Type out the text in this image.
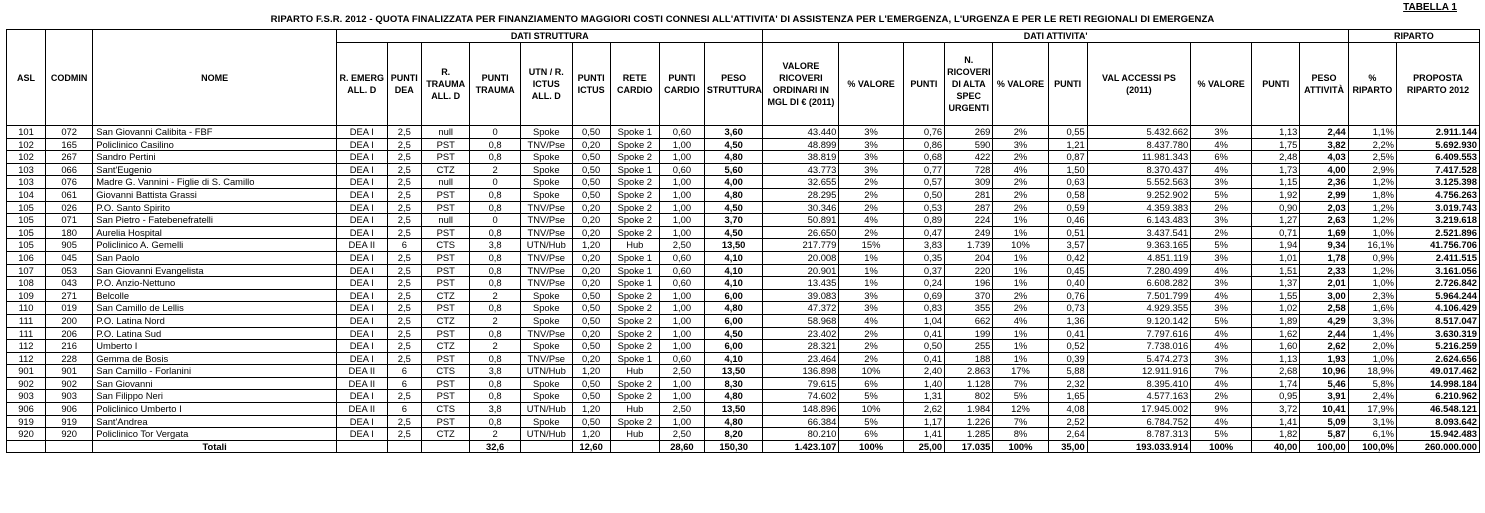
TABELLA 1
RIPARTO F.S.R. 2012 - QUOTA FINALIZZATA PER FINANZIAMENTO MAGGIORI COSTI CONNESI ALL'ATTIVITA' DI ASSISTENZA PER L'EMERGENZA, L'URGENZA E PER LE RETI REGIONALI DI EMERGENZA
ASL	CODMIN	NOME	DATI STRUTTURA									DATI ATTIVITA'										RIPARTO	
			R. EMERG ALL. D	PUNTI DEA	R. TRAUMA ALL. D	PUNTI TRAUMA	UTN / R. ICTUS ALL. D	PUNTI ICTUS	RETE CARDIO	PUNTI CARDIO	PESO STRUTTURA	VALORE RICOVERI ORDINARI IN MGL DI € (2011)	% VALORE	PUNTI	N. RICOVERI DI ALTA SPEC URGENTI	% VALORE	PUNTI	VAL ACCESSI PS (2011)	% VALORE	PUNTI	PESO ATTIVITÀ	% RIPARTO	PROPOSTA RIPARTO 2012
101	072	San Giovanni Calibita - FBF	DEA I	2,5	null	0	Spoke	0,50	Spoke 1	0,60	3,60	43.440	3%	0,76	269	2%	0,55	5.432.662	3%	1,13	2,44	1,1%	2.911.144
102	165	Policlinico Casilino	DEA I	2,5	PST	0,8	TNV/Pse	0,20	Spoke 2	1,00	4,50	48.899	3%	0,86	590	3%	1,21	8.437.780	4%	1,75	3,82	2,2%	5.692.930
102	267	Sandro Pertini	DEA I	2,5	PST	0,8	Spoke	0,50	Spoke 2	1,00	4,80	38.819	3%	0,68	422	2%	0,87	11.981.343	6%	2,48	4,03	2,5%	6.409.553
103	066	Sant'Eugenio	DEA I	2,5	CTZ	2	Spoke	0,50	Spoke 1	0,60	5,60	43.773	3%	0,77	728	4%	1,50	8.370.437	4%	1,73	4,00	2,9%	7.417.528
103	076	Madre G. Vannini - Figlie di S. Camillo	DEA I	2,5	null	0	Spoke	0,50	Spoke 2	1,00	4,00	32.655	2%	0,57	309	2%	0,63	5.552.563	3%	1,15	2,36	1,2%	3.125.398
104	061	Giovanni Battista Grassi	DEA I	2,5	PST	0,8	Spoke	0,50	Spoke 2	1,00	4,80	28.295	2%	0,50	281	2%	0,58	9.252.902	5%	1,92	2,99	1,8%	4.756.263
105	026	P.O. Santo Spirito	DEA I	2,5	PST	0,8	TNV/Pse	0,20	Spoke 2	1,00	4,50	30.346	2%	0,53	287	2%	0,59	4.359.383	2%	0,90	2,03	1,2%	3.019.743
105	071	San Pietro - Fatebenefratelli	DEA I	2,5	null	0	TNV/Pse	0,20	Spoke 2	1,00	3,70	50.891	4%	0,89	224	1%	0,46	6.143.483	3%	1,27	2,63	1,2%	3.219.618
105	180	Aurelia Hospital	DEA I	2,5	PST	0,8	TNV/Pse	0,20	Spoke 2	1,00	4,50	26.650	2%	0,47	249	1%	0,51	3.437.541	2%	0,71	1,69	1,0%	2.521.896
105	905	Policlinico A. Gemelli	DEA II	6	CTS	3,8	UTN/Hub	1,20	Hub	2,50	13,50	217.779	15%	3,83	1.739	10%	3,57	9.363.165	5%	1,94	9,34	16,1%	41.756.706
106	045	San Paolo	DEA I	2,5	PST	0,8	TNV/Pse	0,20	Spoke 1	0,60	4,10	20.008	1%	0,35	204	1%	0,42	4.851.119	3%	1,01	1,78	0,9%	2.411.515
107	053	San Giovanni Evangelista	DEA I	2,5	PST	0,8	TNV/Pse	0,20	Spoke 1	0,60	4,10	20.901	1%	0,37	220	1%	0,45	7.280.499	4%	1,51	2,33	1,2%	3.161.056
108	043	P.O. Anzio-Nettuno	DEA I	2,5	PST	0,8	TNV/Pse	0,20	Spoke 1	0,60	4,10	13.435	1%	0,24	196	1%	0,40	6.608.282	3%	1,37	2,01	1,0%	2.726.842
109	271	Belcolle	DEA I	2,5	CTZ	2	Spoke	0,50	Spoke 2	1,00	6,00	39.083	3%	0,69	370	2%	0,76	7.501.799	4%	1,55	3,00	2,3%	5.964.244
110	019	San Camillo de Lellis	DEA I	2,5	PST	0,8	Spoke	0,50	Spoke 2	1,00	4,80	47.372	3%	0,83	355	2%	0,73	4.929.355	3%	1,02	2,58	1,6%	4.106.429
111	200	P.O. Latina Nord	DEA I	2,5	CTZ	2	Spoke	0,50	Spoke 2	1,00	6,00	58.968	4%	1,04	662	4%	1,36	9.120.142	5%	1,89	4,29	3,3%	8.517.047
111	206	P.O. Latina Sud	DEA I	2,5	PST	0,8	TNV/Pse	0,20	Spoke 2	1,00	4,50	23.402	2%	0,41	199	1%	0,41	7.797.616	4%	1,62	2,44	1,4%	3.630.319
112	216	Umberto I	DEA I	2,5	CTZ	2	Spoke	0,50	Spoke 2	1,00	6,00	28.321	2%	0,50	255	1%	0,52	7.738.016	4%	1,60	2,62	2,0%	5.216.259
112	228	Gemma de Bosis	DEA I	2,5	PST	0,8	TNV/Pse	0,20	Spoke 1	0,60	4,10	23.464	2%	0,41	188	1%	0,39	5.474.273	3%	1,13	1,93	1,0%	2.624.656
901	901	San Camillo - Forlanini	DEA II	6	CTS	3,8	UTN/Hub	1,20	Hub	2,50	13,50	136.898	10%	2,40	2.863	17%	5,88	12.911.916	7%	2,68	10,96	18,9%	49.017.462
902	902	San Giovanni	DEA II	6	PST	0,8	Spoke	0,50	Spoke 2	1,00	8,30	79.615	6%	1,40	1.128	7%	2,32	8.395.410	4%	1,74	5,46	5,8%	14.998.184
903	903	San Filippo Neri	DEA I	2,5	PST	0,8	Spoke	0,50	Spoke 2	1,00	4,80	74.602	5%	1,31	802	5%	1,65	4.577.163	2%	0,95	3,91	2,4%	6.210.962
906	906	Policlinico Umberto I	DEA II	6	CTS	3,8	UTN/Hub	1,20	Hub	2,50	13,50	148.896	10%	2,62	1.984	12%	4,08	17.945.002	9%	3,72	10,41	17,9%	46.548.121
919	919	Sant'Andrea	DEA I	2,5	PST	0,8	Spoke	0,50	Spoke 2	1,00	4,80	66.384	5%	1,17	1.226	7%	2,52	6.784.752	4%	1,41	5,09	3,1%	8.093.642
920	920	Policlinico Tor Vergata	DEA I	2,5	CTZ	2	UTN/Hub	1,20	Hub	2,50	8,20	80.210	6%	1,41	1.285	8%	2,64	8.787.313	5%	1,82	5,87	6,1%	15.942.483
		Totali				32,6		12,60		28,60	150,30	1.423.107	100%	25,00	17.035	100%	35,00	193.033.914	100%	40,00	100,00	100,0%	260.000.000
